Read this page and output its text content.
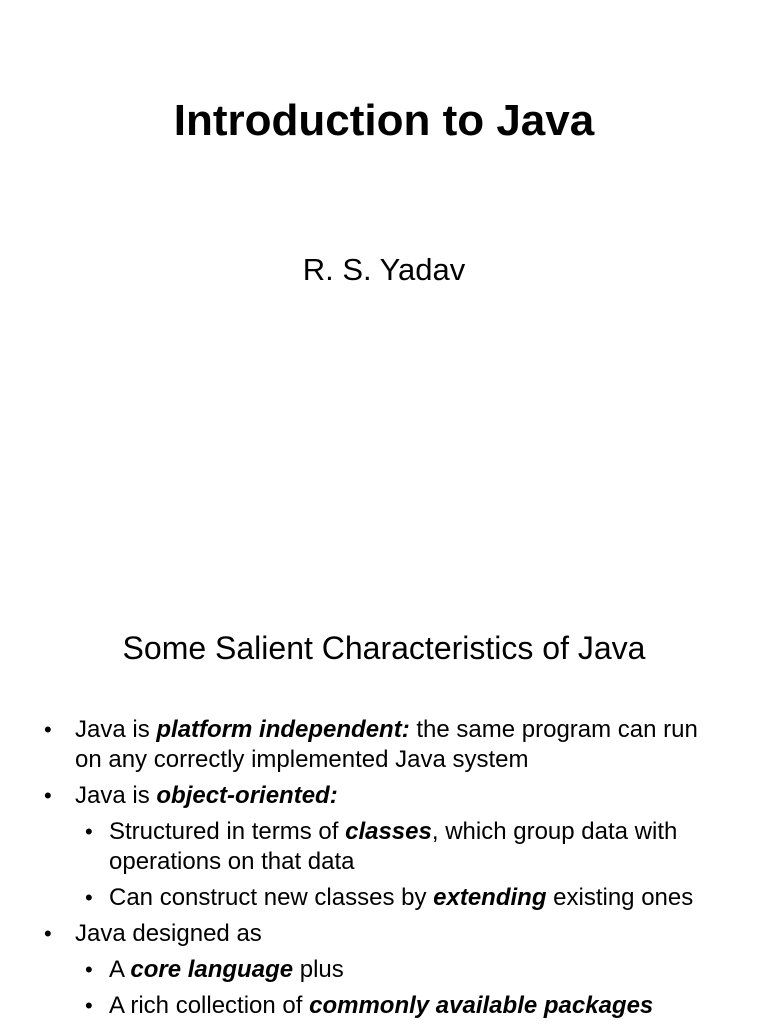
Introduction to Java
R. S. Yadav
Some Salient Characteristics of Java
• Java is platform independent: the same program can run on any correctly implemented Java system
• Java is object-oriented:
• Structured in terms of classes, which group data with operations on that data
• Can construct new classes by extending existing ones
• Java designed as
• A core language plus
• A rich collection of commonly available packages
